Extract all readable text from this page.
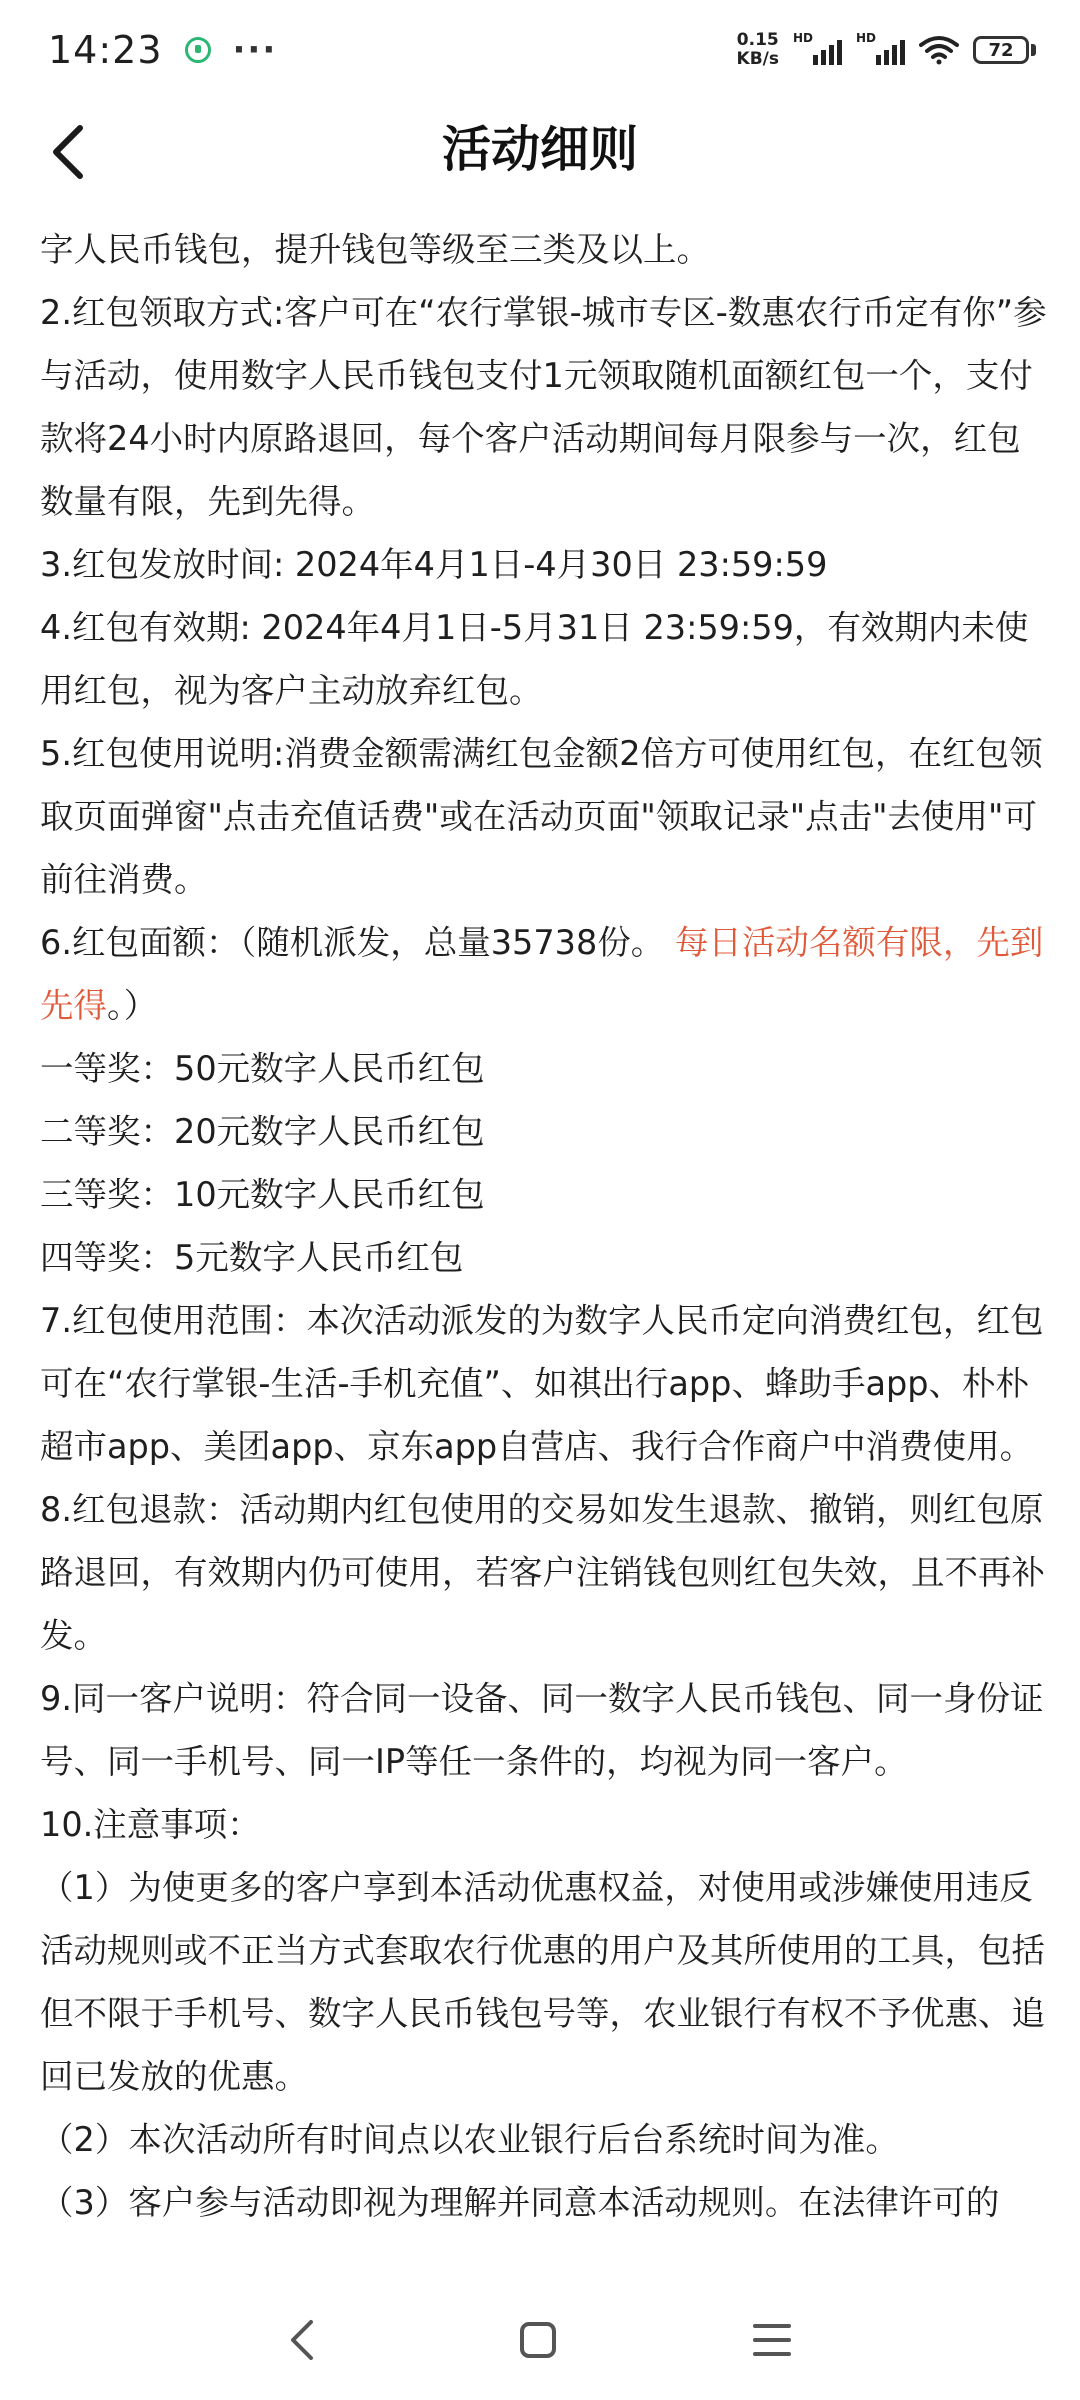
14:23 ···	0.15
KB/s
HD	HD
72
活动细则

字人民币钱包，提升钱包等级至三类及以上。

2.红包领取方式:客户可在“农行掌银-城市专区-数惠农行币定有你”参与活动，使用数字人民币钱包支付1元领取随机面额红包一个，支付款将24小时内原路退回，每个客户活动期间每月限参与一次，红包数量有限，先到先得。

3.红包发放时间: 2024年4月1日-4月30日 23:59:59

4.红包有效期: 2024年4月1日-5月31日 23:59:59，有效期内未使用红包，视为客户主动放弃红包。

5.红包使用说明:消费金额需满红包金额2倍方可使用红包，在红包领取页面弹窗"点击充值话费"或在活动页面"领取记录"点击"去使用"可前往消费。

6.红包面额：（随机派发，总量35738份。 每日活动名额有限，先到先得。）

一等奖：50元数字人民币红包

二等奖：20元数字人民币红包

三等奖：10元数字人民币红包

四等奖：5元数字人民币红包

7.红包使用范围：本次活动派发的为数字人民币定向消费红包，红包可在“农行掌银-生活-手机充值”、如祺出行app、蜂助手app、朴朴超市app、美团app、京东app自营店、我行合作商户中消费使用。

8.红包退款：活动期内红包使用的交易如发生退款、撤销，则红包原路退回，有效期内仍可使用，若客户注销钱包则红包失效，且不再补发。

9.同一客户说明：符合同一设备、同一数字人民币钱包、同一身份证号、同一手机号、同一IP等任一条件的，均视为同一客户。

10.注意事项：

（1）为使更多的客户享到本活动优惠权益，对使用或涉嫌使用违反活动规则或不正当方式套取农行优惠的用户及其所使用的工具，包括但不限于手机号、数字人民币钱包号等，农业银行有权不予优惠、追回已发放的优惠。

（2）本次活动所有时间点以农业银行后台系统时间为准。

（3）客户参与活动即视为理解并同意本活动规则。在法律许可的
